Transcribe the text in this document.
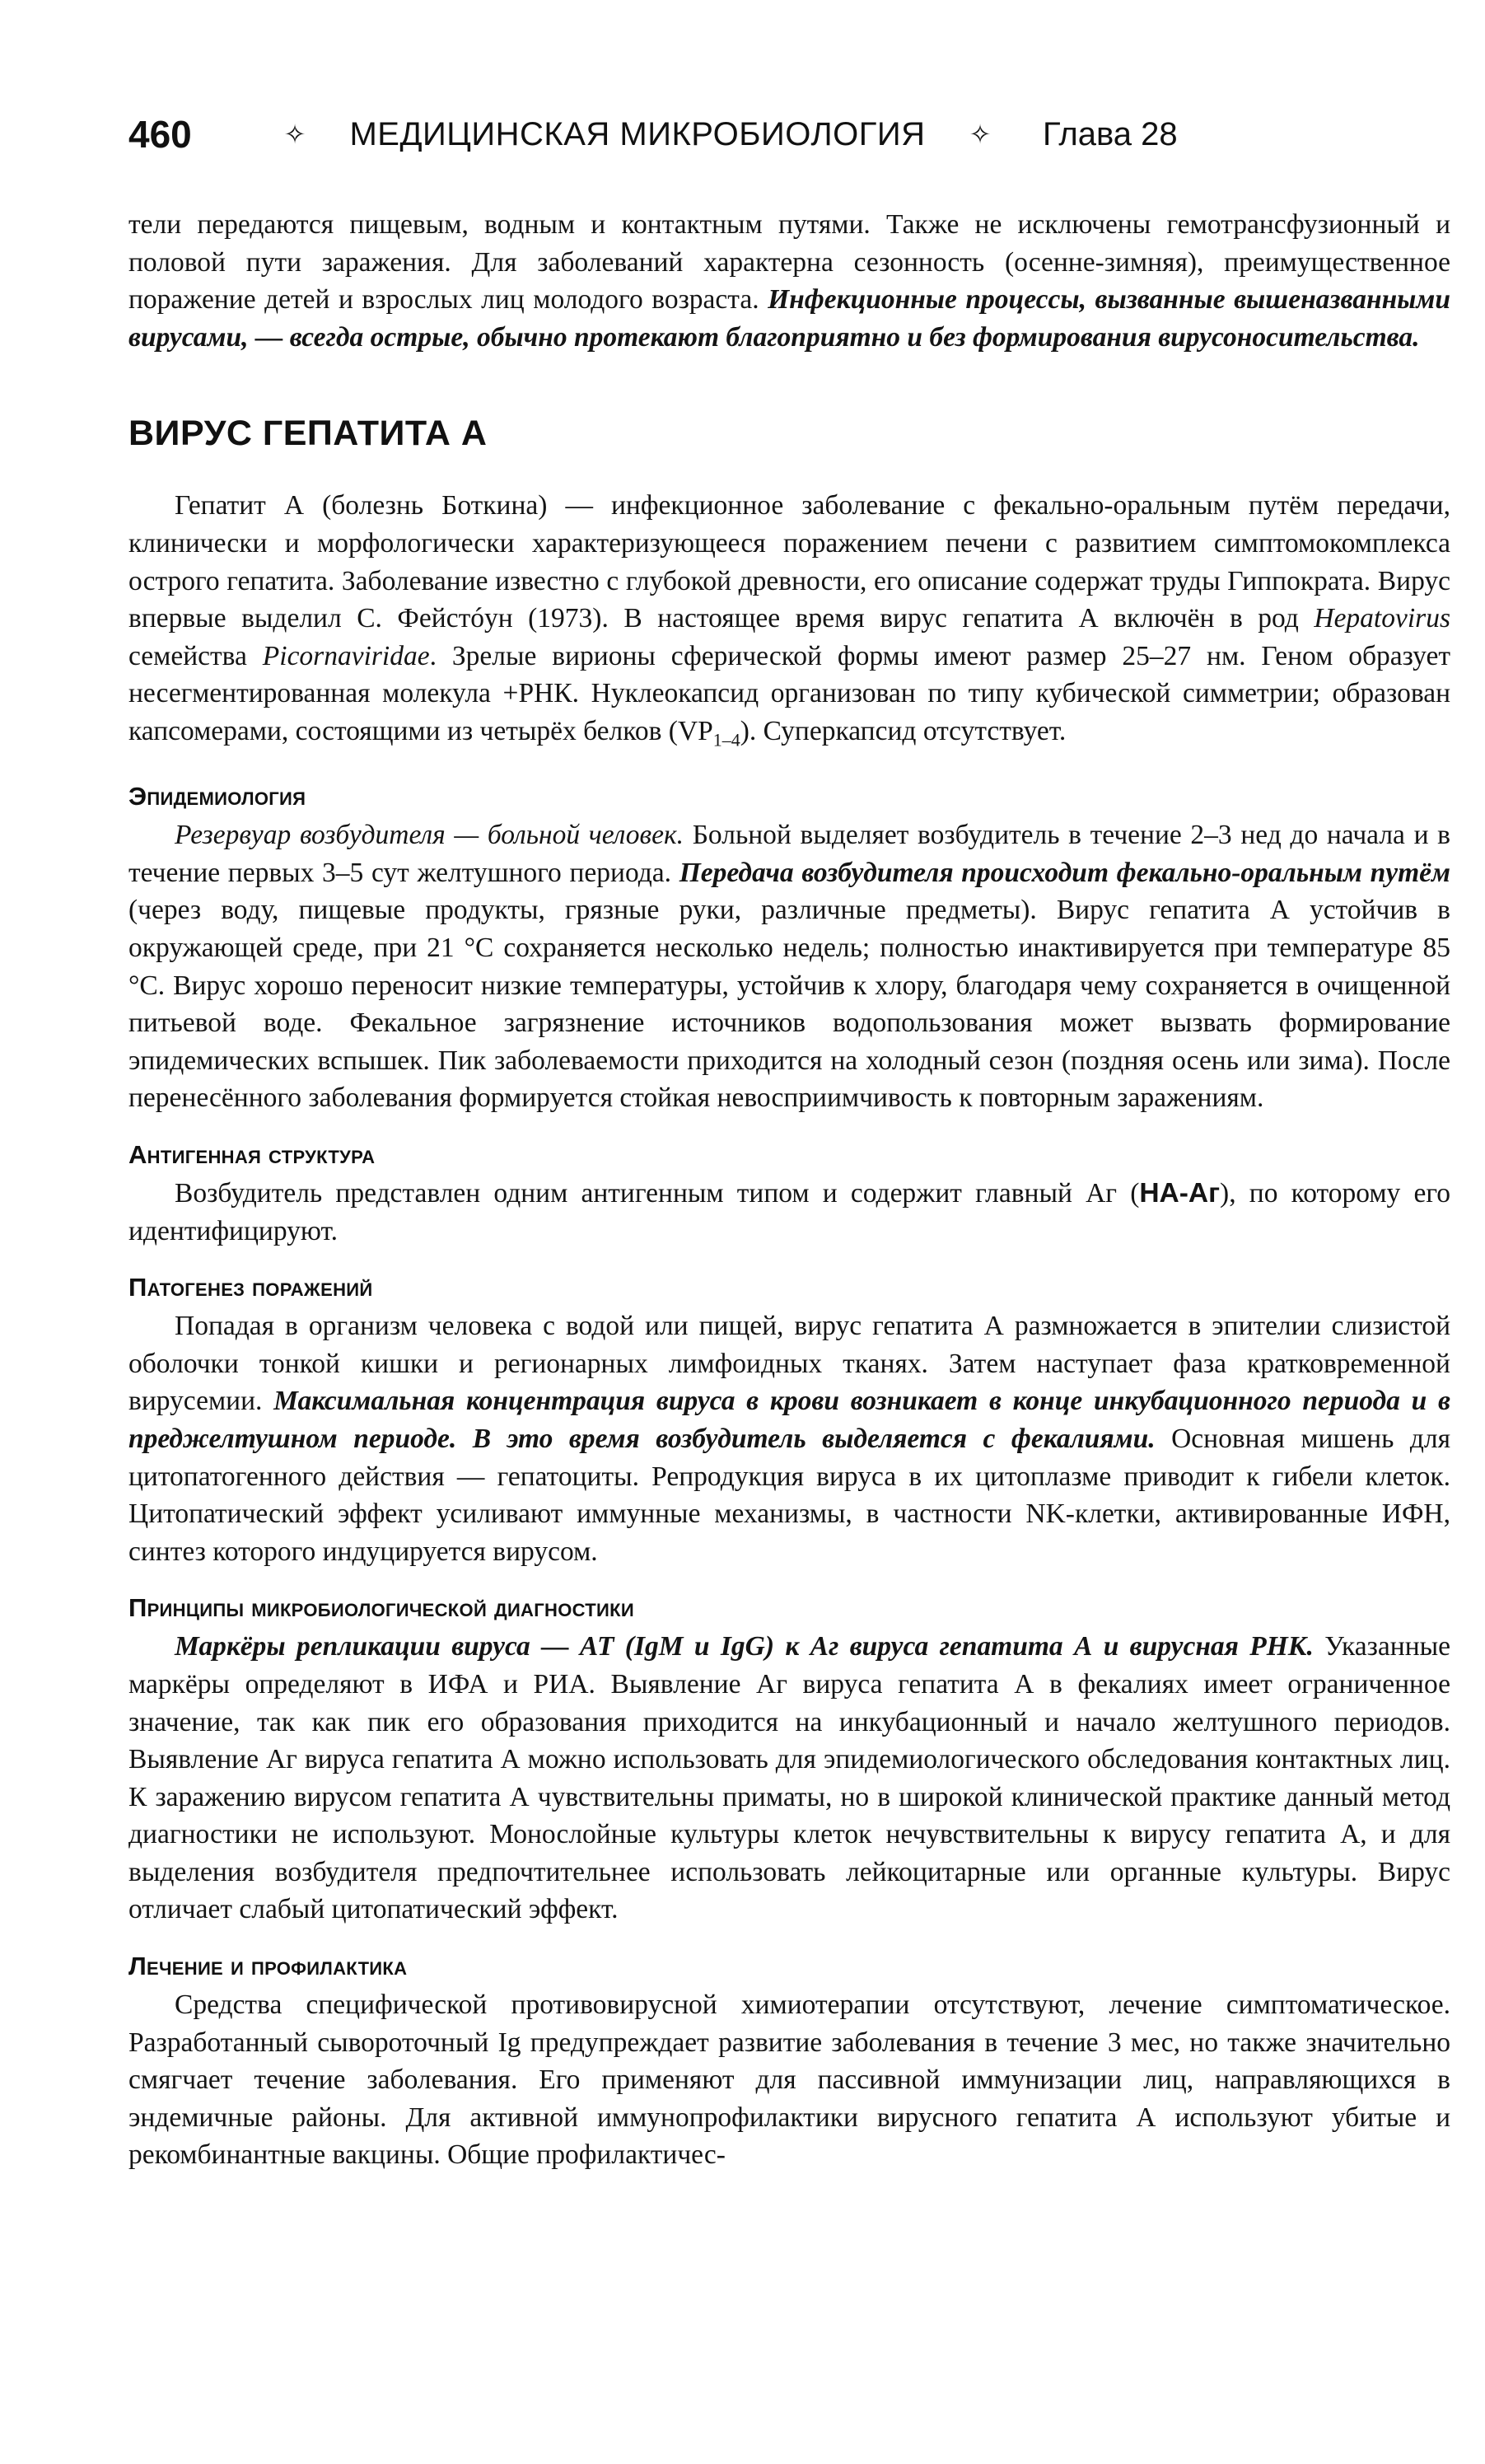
460	✧	МЕДИЦИНСКАЯ МИКРОБИОЛОГИЯ	✧	Глава 28

тели передаются пищевым, водным и контактным путями. Также не исключены гемотрансфузионный и половой пути заражения. Для заболеваний характерна сезонность (осенне-зимняя), преимущественное поражение детей и взрослых лиц молодого возраста. Инфекционные процессы, вызванные вышеназванными вирусами, — всегда острые, обычно протекают благоприятно и без формирования вирусоносительства.

ВИРУС ГЕПАТИТА А

Гепатит А (болезнь Боткина) — инфекционное заболевание с фекально-оральным путём передачи, клинически и морфологически характеризующееся поражением печени с развитием симптомокомплекса острого гепатита. Заболевание известно с глубокой древности, его описание содержат труды Гиппократа. Вирус впервые выделил С. Фейстóун (1973). В настоящее время вирус гепатита А включён в род Hepatovirus семейства Picornaviridae. Зрелые вирионы сферической формы имеют размер 25–27 нм. Геном образует несегментированная молекула +РНК. Нуклеокапсид организован по типу кубической симметрии; образован капсомерами, состоящими из четырёх белков $(VP_{1-4})$. Суперкапсид отсутствует.

Эпидемиология

Резервуар возбудителя — больной человек. Больной выделяет возбудитель в течение 2–3 нед до начала и в течение первых 3–5 сут желтушного периода. Передача возбудителя происходит фекально-оральным путём (через воду, пищевые продукты, грязные руки, различные предметы). Вирус гепатита А устойчив в окружающей среде, при 21 °С сохраняется несколько недель; полностью инактивируется при температуре 85 °С. Вирус хорошо переносит низкие температуры, устойчив к хлору, благодаря чему сохраняется в очищенной питьевой воде. Фекальное загрязнение источников водопользования может вызвать формирование эпидемических вспышек. Пик заболеваемости приходится на холодный сезон (поздняя осень или зима). После перенесённого заболевания формируется стойкая невосприимчивость к повторным заражениям.

Антигенная структура

Возбудитель представлен одним антигенным типом и содержит главный Аг (HA-Аг), по которому его идентифицируют.

Патогенез поражений

Попадая в организм человека с водой или пищей, вирус гепатита А размножается в эпителии слизистой оболочки тонкой кишки и регионарных лимфоидных тканях. Затем наступает фаза кратковременной вирусемии. Максимальная концентрация вируса в крови возникает в конце инкубационного периода и в преджелтушном периоде. В это время возбудитель выделяется с фекалиями. Основная мишень для цитопатогенного действия — гепатоциты. Репродукция вируса в их цитоплазме приводит к гибели клеток. Цитопатический эффект усиливают иммунные механизмы, в частности NK-клетки, активированные ИФН, синтез которого индуцируется вирусом.

Принципы микробиологической диагностики

Маркёры репликации вируса — АТ (IgM и IgG) к Аг вируса гепатита А и вирусная РНК. Указанные маркёры определяют в ИФА и РИА. Выявление Аг вируса гепатита А в фекалиях имеет ограниченное значение, так как пик его образования приходится на инкубационный и начало желтушного периодов. Выявление Аг вируса гепатита А можно использовать для эпидемиологического обследования контактных лиц. К заражению вирусом гепатита А чувствительны приматы, но в широкой клинической практике данный метод диагностики не используют. Монослойные культуры клеток нечувствительны к вирусу гепатита А, и для выделения возбудителя предпочтительнее использовать лейкоцитарные или органные культуры. Вирус отличает слабый цитопатический эффект.

Лечение и профилактика

Средства специфической противовирусной химиотерапии отсутствуют, лечение симптоматическое. Разработанный сывороточный Ig предупреждает развитие заболевания в течение 3 мес, но также значительно смягчает течение заболевания. Его применяют для пассивной иммунизации лиц, направляющихся в эндемичные районы. Для активной иммунопрофилактики вирусного гепатита А используют убитые и рекомбинантные вакцины. Общие профилактичес-
